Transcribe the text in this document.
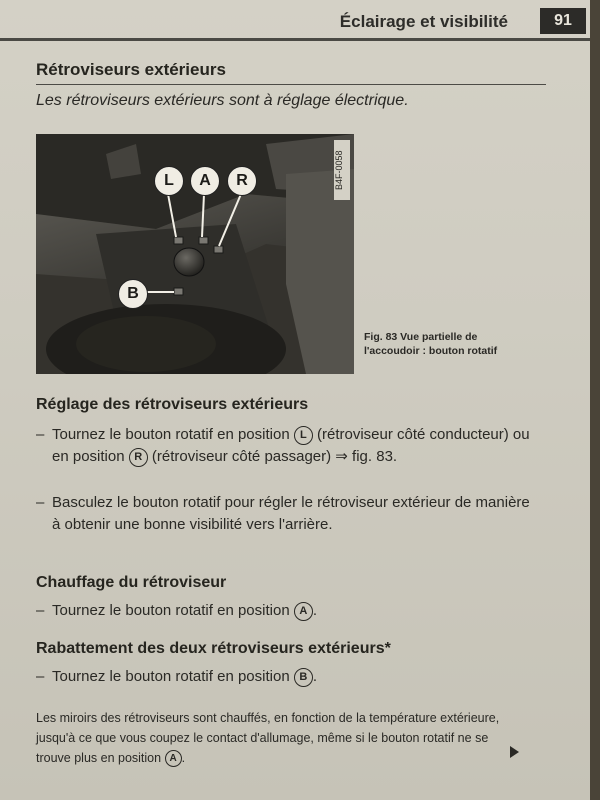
Éclairage et visibilité	91

Rétroviseurs extérieurs
Les rétroviseurs extérieurs sont à réglage électrique.
L	A	R
B
B4F-0058
Fig. 83 Vue partielle de l'accoudoir : bouton rotatif
Réglage des rétroviseurs extérieurs
– Tournez le bouton rotatif en position L (rétroviseur côté conducteur) ou en position R (rétroviseur côté passager) ⇒ fig. 83.
– Basculez le bouton rotatif pour régler le rétroviseur extérieur de manière à obtenir une bonne visibilité vers l'arrière.
Chauffage du rétroviseur
– Tournez le bouton rotatif en position A .
Rabattement des deux rétroviseurs extérieurs*
– Tournez le bouton rotatif en position B .
Les miroirs des rétroviseurs sont chauffés, en fonction de la température extérieure, jusqu'à ce que vous coupez le contact d'allumage, même si le bouton rotatif ne se trouve plus en position A .
